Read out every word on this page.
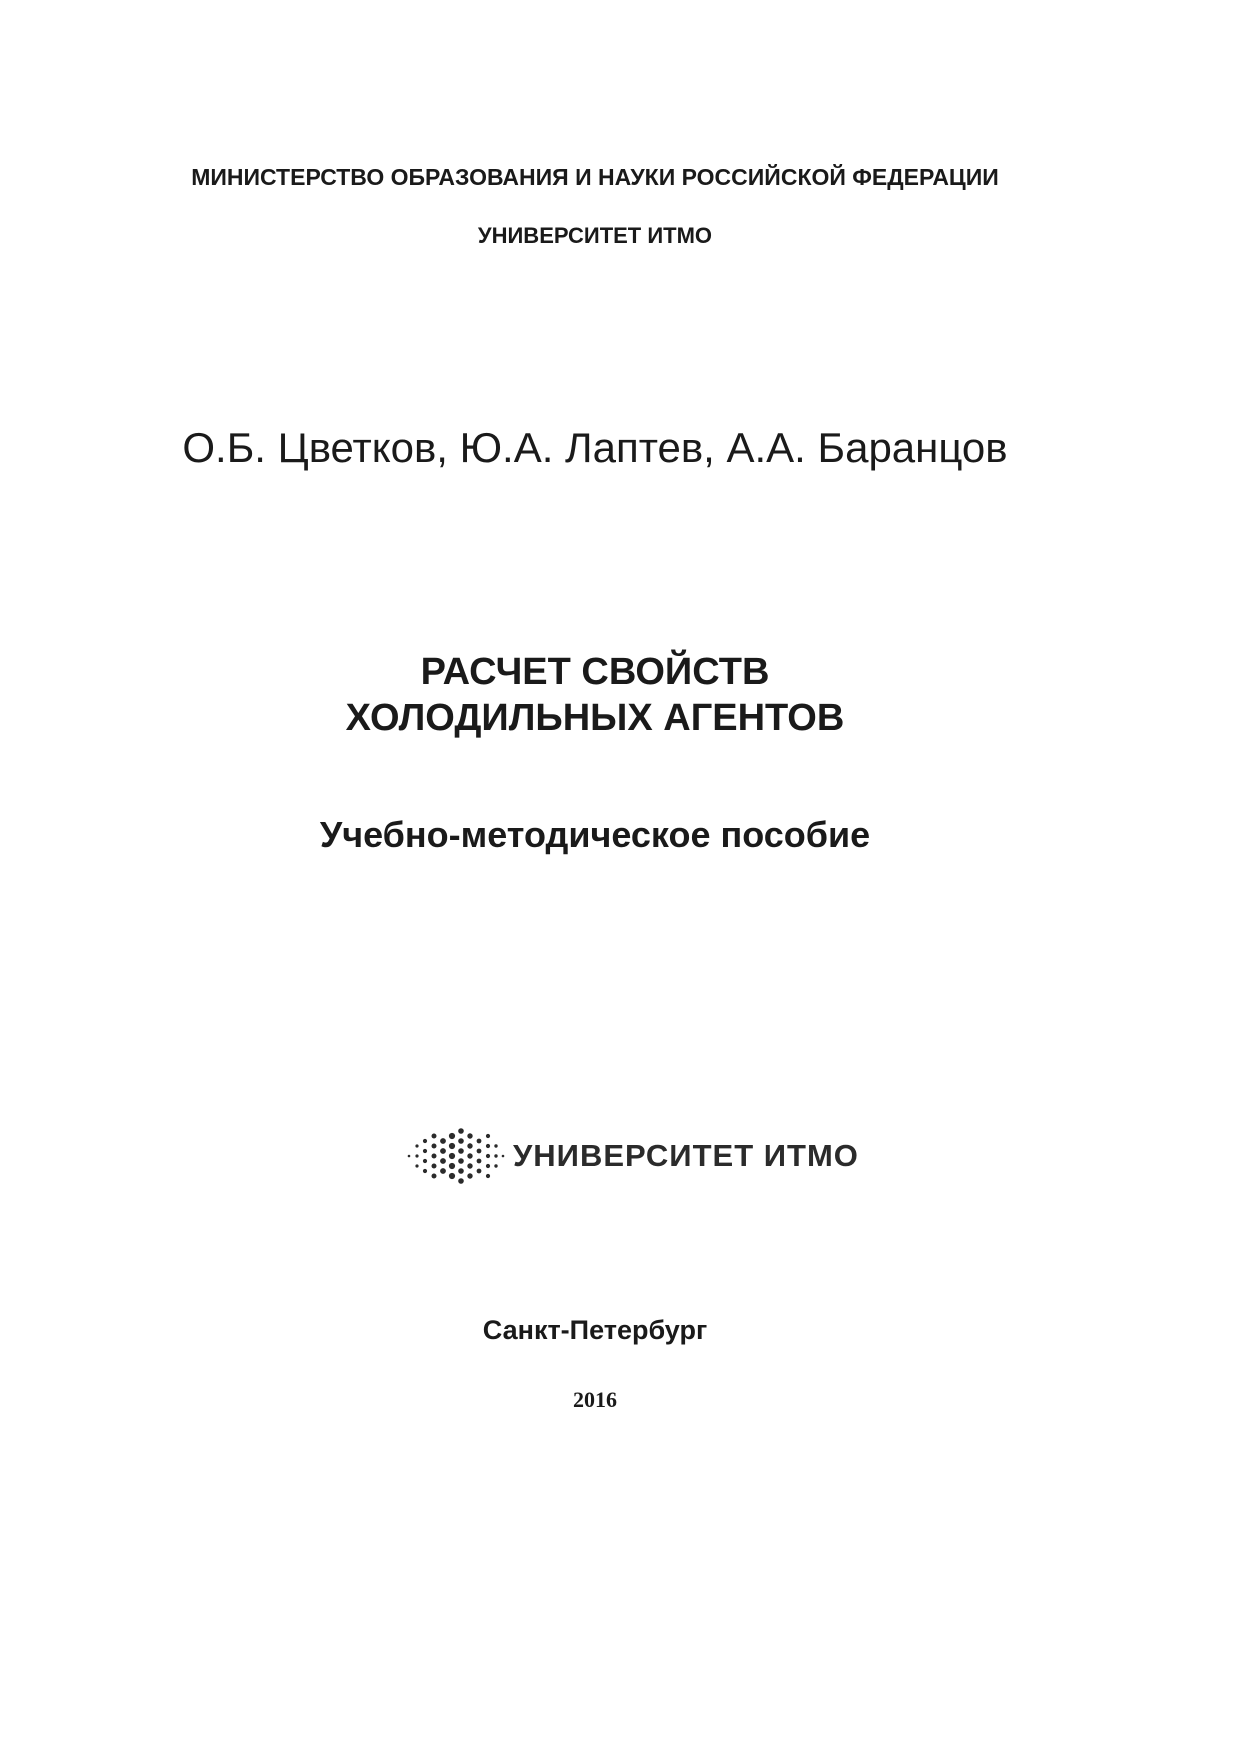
МИНИСТЕРСТВО ОБРАЗОВАНИЯ И НАУКИ РОССИЙСКОЙ ФЕДЕРАЦИИ
УНИВЕРСИТЕТ ИТМО
О.Б. Цветков, Ю.А. Лаптев, А.А. Баранцов
РАСЧЕТ СВОЙСТВ
ХОЛОДИЛЬНЫХ АГЕНТОВ
Учебно-методическое пособие
УНИВЕРСИТЕТ ИТМО
Санкт-Петербург
2016
